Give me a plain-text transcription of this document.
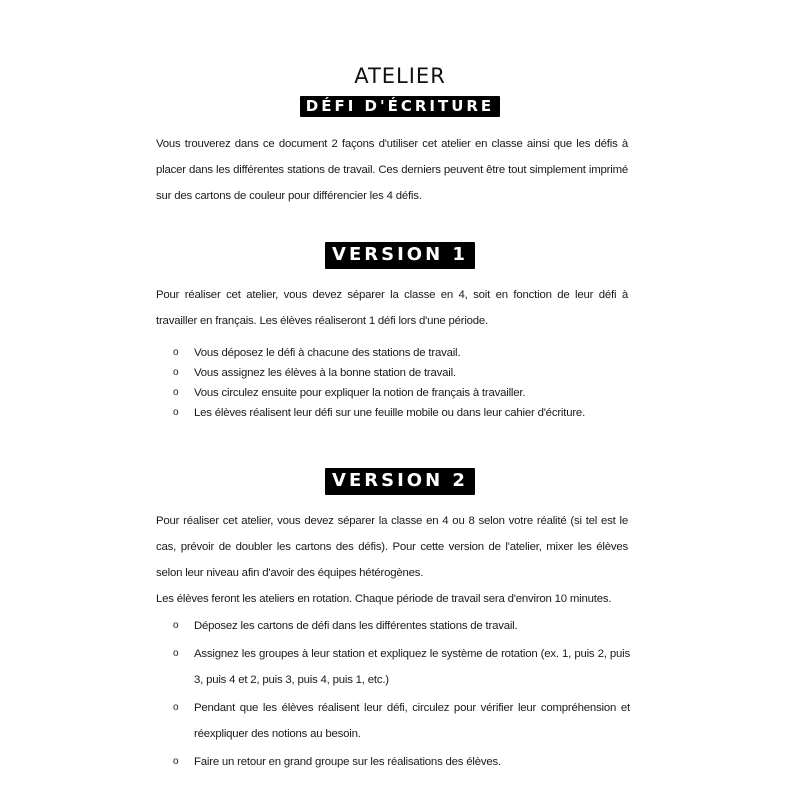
ATELIER
DÉFI D'ÉCRITURE

Vous trouverez dans ce document 2 façons d'utiliser cet atelier en classe ainsi que les défis à placer dans les différentes stations de travail. Ces derniers peuvent être tout simplement imprimé sur des cartons de couleur pour différencier les 4 défis.

VERSION 1

Pour réaliser cet atelier, vous devez séparer la classe en 4, soit en fonction de leur défi à travailler en français. Les élèves réaliseront 1 défi lors d'une période.

o Vous déposez le défi à chacune des stations de travail.
o Vous assignez les élèves à la bonne station de travail.
o Vous circulez ensuite pour expliquer la notion de français à travailler.
o Les élèves réalisent leur défi sur une feuille mobile ou dans leur cahier d'écriture.
VERSION 2

Pour réaliser cet atelier, vous devez séparer la classe en 4 ou 8 selon votre réalité (si tel est le cas, prévoir de doubler les cartons des défis). Pour cette version de l'atelier, mixer les élèves selon leur niveau afin d'avoir des équipes hétérogènes.

Les élèves feront les ateliers en rotation. Chaque période de travail sera d'environ 10 minutes.

o Déposez les cartons de défi dans les différentes stations de travail.
o Assignez les groupes à leur station et expliquez le système de rotation (ex. 1, puis 2, puis 3, puis 4 et 2, puis 3, puis 4, puis 1, etc.)
o Pendant que les élèves réalisent leur défi, circulez pour vérifier leur compréhension et réexpliquer des notions au besoin.
o Faire un retour en grand groupe sur les réalisations des élèves.
